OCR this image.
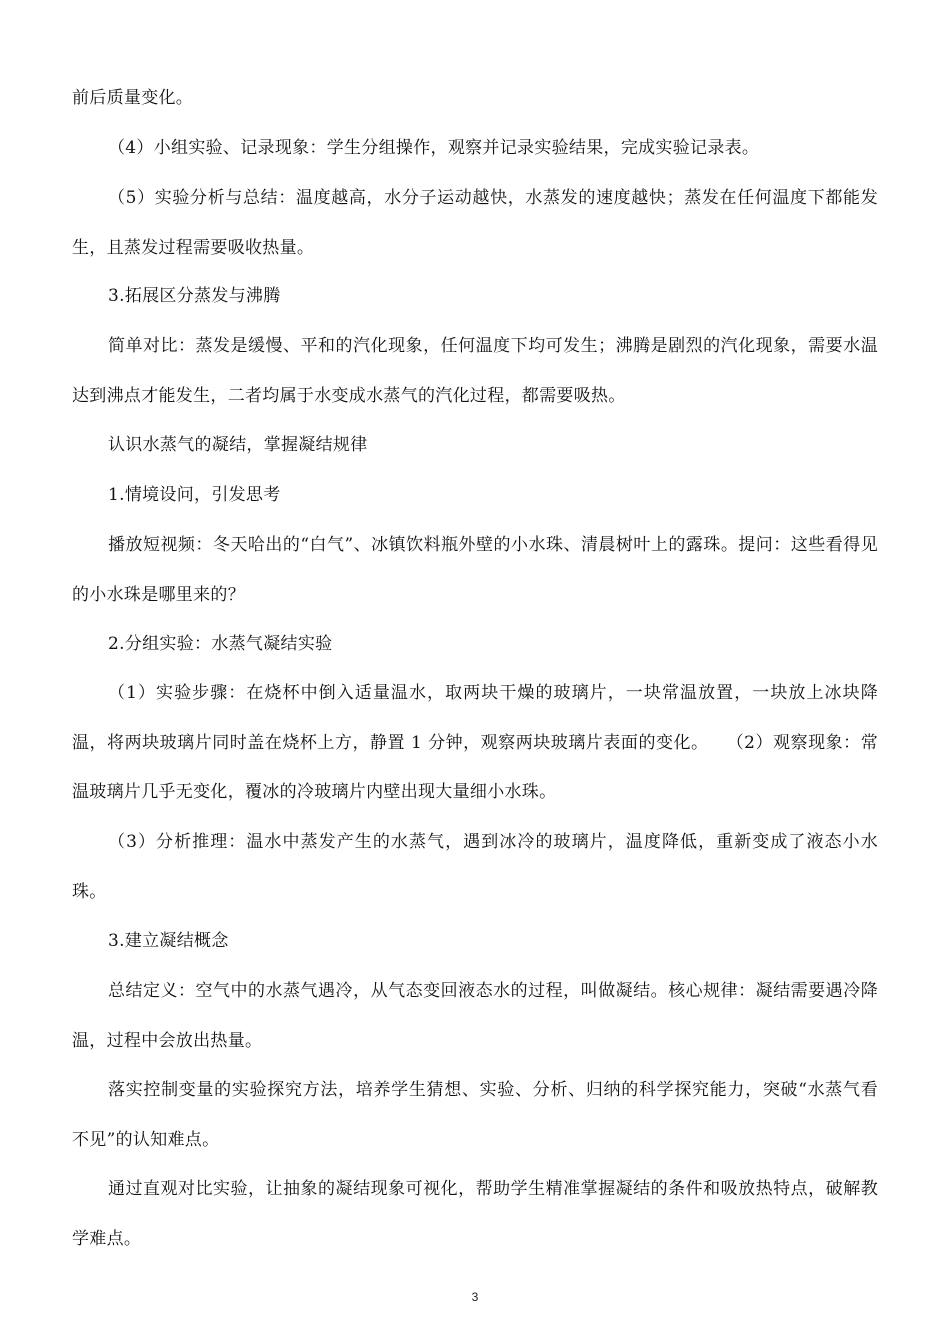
前后质量变化。

（4）小组实验、记录现象：学生分组操作，观察并记录实验结果，完成实验记录表。

（5）实验分析与总结：温度越高，水分子运动越快，水蒸发的速度越快；蒸发在任何温度下都能发生，且蒸发过程需要吸收热量。

3.拓展区分蒸发与沸腾

简单对比：蒸发是缓慢、平和的汽化现象，任何温度下均可发生；沸腾是剧烈的汽化现象，需要水温达到沸点才能发生，二者均属于水变成水蒸气的汽化过程，都需要吸热。

认识水蒸气的凝结，掌握凝结规律

1.情境设问，引发思考

播放短视频：冬天哈出的“白气”、冰镇饮料瓶外壁的小水珠、清晨树叶上的露珠。提问：这些看得见的小水珠是哪里来的？

2.分组实验：水蒸气凝结实验

（1）实验步骤：在烧杯中倒入适量温水，取两块干燥的玻璃片，一块常温放置，一块放上冰块降温，将两块玻璃片同时盖在烧杯上方，静置 1 分钟，观察两块玻璃片表面的变化。　　（2）观察现象：常温玻璃片几乎无变化，覆冰的冷玻璃片内壁出现大量细小水珠。

（3）分析推理：温水中蒸发产生的水蒸气，遇到冰冷的玻璃片，温度降低，重新变成了液态小水珠。

3.建立凝结概念

总结定义：空气中的水蒸气遇冷，从气态变回液态水的过程，叫做凝结。核心规律：凝结需要遇冷降温，过程中会放出热量。

落实控制变量的实验探究方法，培养学生猜想、实验、分析、归纳的科学探究能力，突破“水蒸气看不见”的认知难点。

通过直观对比实验，让抽象的凝结现象可视化，帮助学生精准掌握凝结的条件和吸放热特点，破解教学难点。

3
